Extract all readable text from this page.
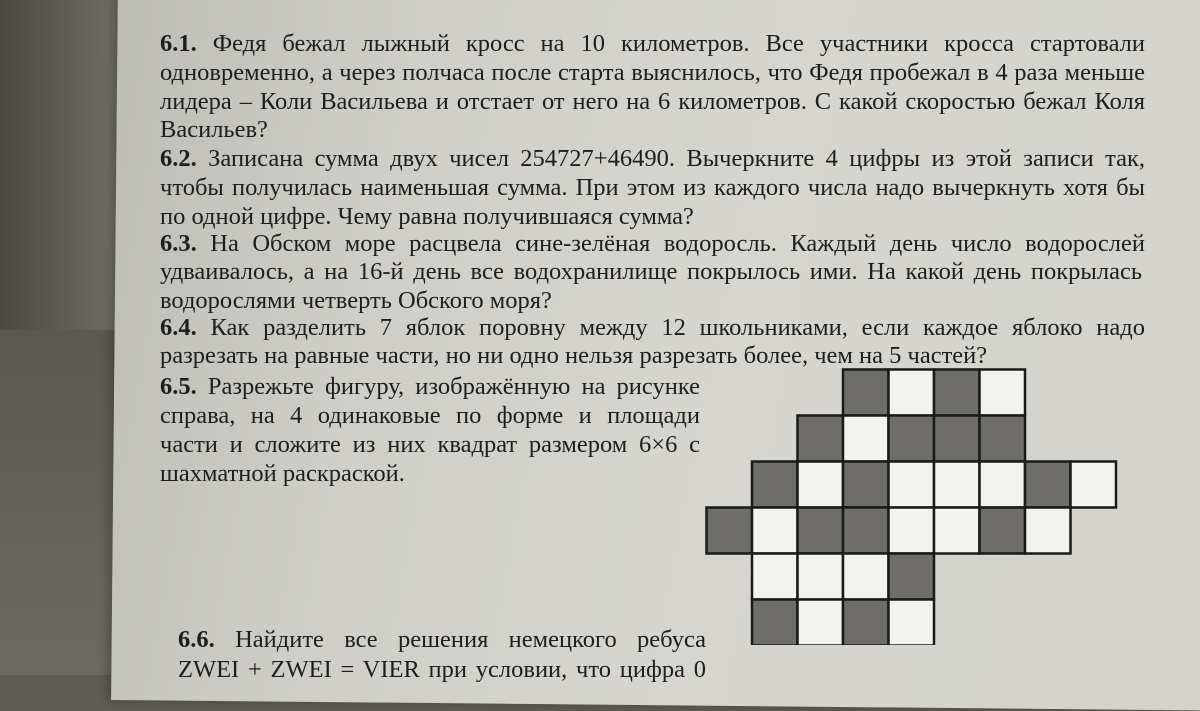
6.1. Федя бежал лыжный кросс на 10 километров. Все участники кросса стартовали
одновременно, а через полчаса после старта выяснилось, что Федя пробежал в 4 раза меньше
лидера – Коли Васильева и отстает от него на 6 километров. С какой скоростью бежал Коля
Васильев?
6.2. Записана сумма двух чисел 254727+46490. Вычеркните 4 цифры из этой записи так,
чтобы получилась наименьшая сумма. При этом из каждого числа надо вычеркнуть хотя бы
по одной цифре. Чему равна получившаяся сумма?
6.3. На Обском море расцвела сине-зелёная водоросль. Каждый день число водорослей
удваивалось, а на 16-й день все водохранилище покрылось ими. На какой день покрылась
водорослями четверть Обского моря?
6.4. Как разделить 7 яблок поровну между 12 школьниками, если каждое яблоко надо
разрезать на равные части, но ни одно нельзя разрезать более, чем на 5 частей?
6.5. Разрежьте фигуру, изображённую на рисунке
справа, на 4 одинаковые по форме и площади
части и сложите из них квадрат размером 6×6 с
шахматной раскраской.
6.6. Найдите все решения немецкого ребуса
ZWEI + ZWEI = VIER при условии, что цифра 0
